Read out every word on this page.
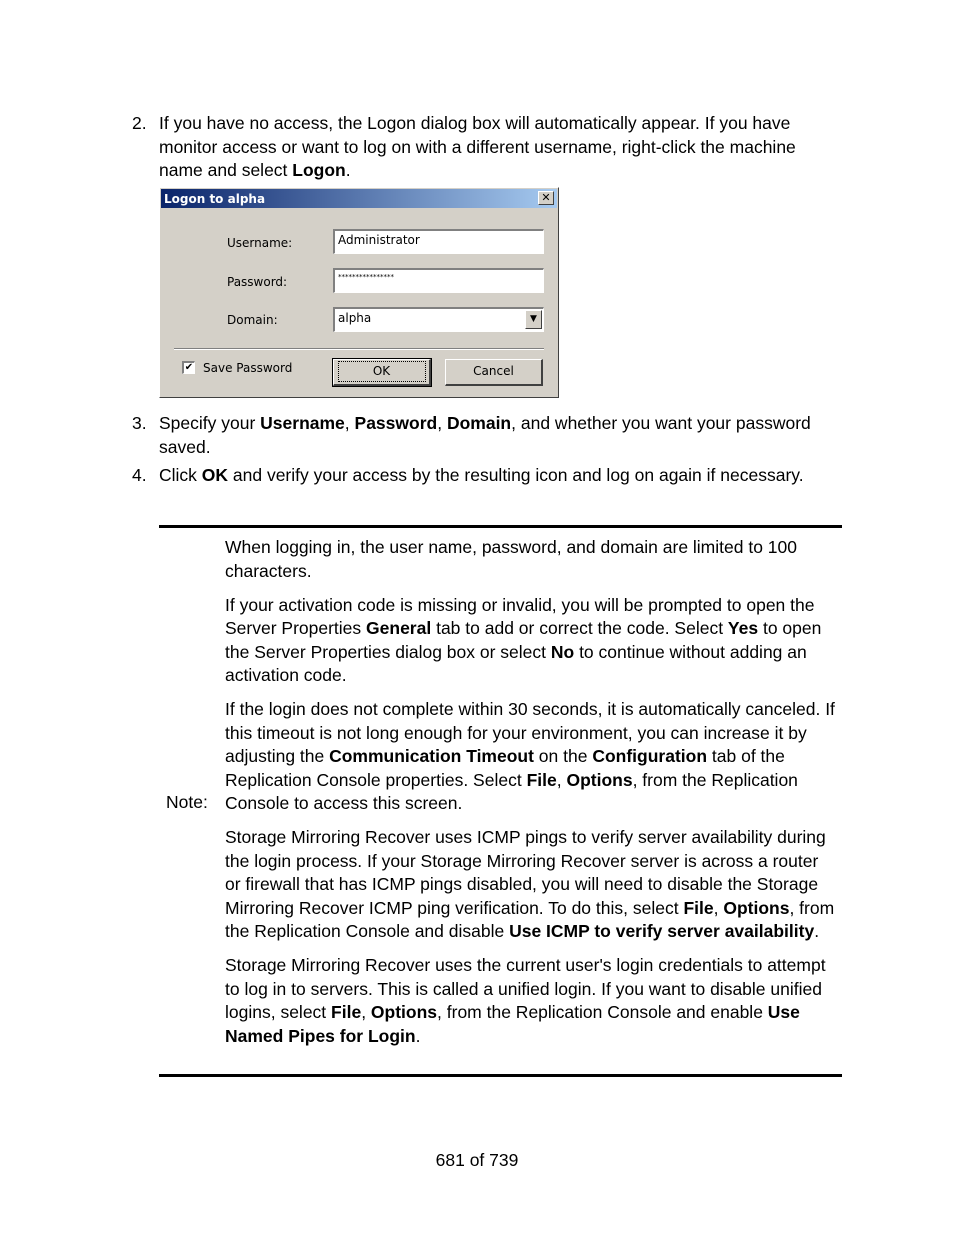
2. If you have no access, the Logon dialog box will automatically appear. If you have monitor access or want to log on with a different username, right-click the machine name and select Logon.
Logon to alpha	✕
Username:	Administrator
Password:	****************
Domain:	alpha	▼
✔ Save Password	OK	Cancel
3. Specify your Username, Password, Domain, and whether you want your password saved.
4. Click OK and verify your access by the resulting icon and log on again if necessary.
Note:

When logging in, the user name, password, and domain are limited to 100 characters.

If your activation code is missing or invalid, you will be prompted to open the Server Properties General tab to add or correct the code. Select Yes to open the Server Properties dialog box or select No to continue without adding an activation code.

If the login does not complete within 30 seconds, it is automatically canceled. If this timeout is not long enough for your environment, you can increase it by adjusting the Communication Timeout on the Configuration tab of the Replication Console properties. Select File, Options, from the Replication Console to access this screen.

Storage Mirroring Recover uses ICMP pings to verify server availability during the login process. If your Storage Mirroring Recover server is across a router or firewall that has ICMP pings disabled, you will need to disable the Storage Mirroring Recover ICMP ping verification. To do this, select File, Options, from the Replication Console and disable Use ICMP to verify server availability.

Storage Mirroring Recover uses the current user's login credentials to attempt to log in to servers. This is called a unified login. If you want to disable unified logins, select File, Options, from the Replication Console and enable Use Named Pipes for Login.

681 of 739
